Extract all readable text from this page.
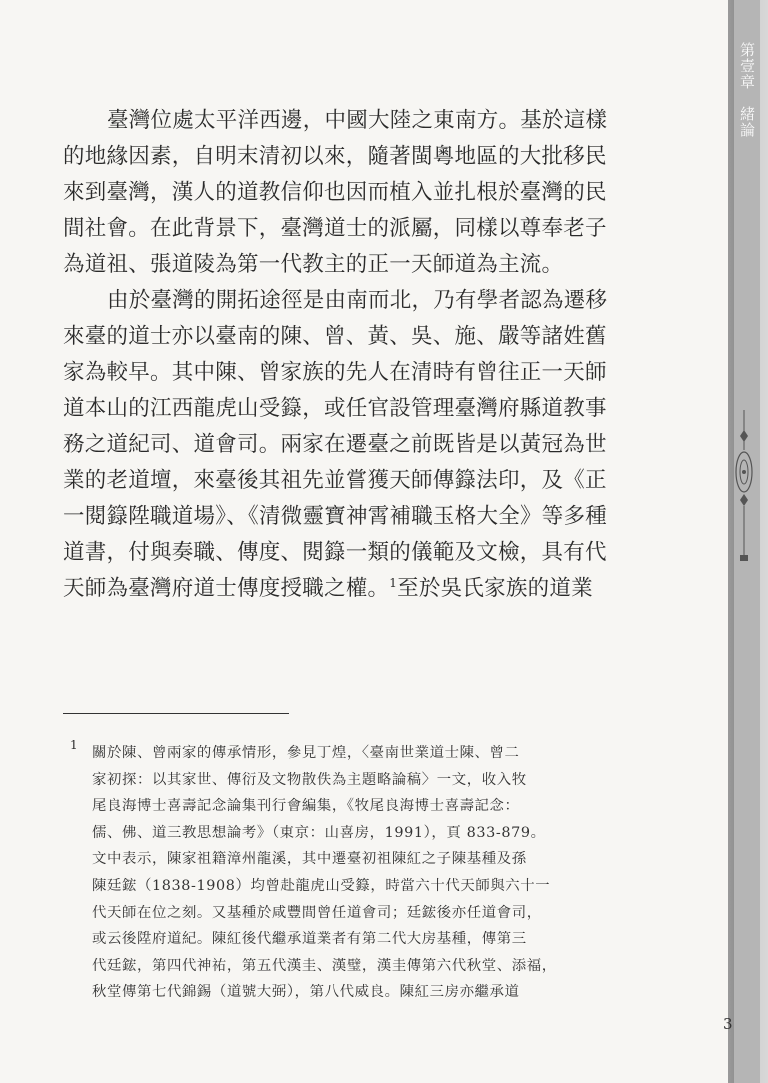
第壹章　緒論
臺灣位處太平洋西邊，中國大陸之東南方。基於這樣
的地緣因素，自明末清初以來，隨著閩粵地區的大批移民
來到臺灣，漢人的道教信仰也因而植入並扎根於臺灣的民
間社會。在此背景下，臺灣道士的派屬，同樣以尊奉老子
為道祖、張道陵為第一代教主的正一天師道為主流。
由於臺灣的開拓途徑是由南而北，乃有學者認為遷移
來臺的道士亦以臺南的陳、曾、黃、吳、施、嚴等諸姓舊
家為較早。其中陳、曾家族的先人在清時有曾往正一天師
道本山的江西龍虎山受籙，或任官設管理臺灣府縣道教事
務之道紀司、道會司。兩家在遷臺之前既皆是以黃冠為世
業的老道壇，來臺後其祖先並嘗獲天師傳籙法印，及《正
一閱籙陞職道場》、《清微靈寶神霄補職玉格大全》等多種
道書，付與奏職、傳度、閱籙一類的儀範及文檢，具有代
天師為臺灣府道士傳度授職之權。$^1$至於吳氏家族的道業
1 關於陳、曾兩家的傳承情形，參見丁煌，〈臺南世業道士陳、曾二
家初探：以其家世、傳衍及文物散佚為主題略論稿〉一文，收入牧
尾良海博士喜壽記念論集刊行會編集，《牧尾良海博士喜壽記念：
儒、佛、道三教思想論考》（東京：山喜房，1991），頁 833-879。
文中表示，陳家祖籍漳州龍溪，其中遷臺初祖陳紅之子陳基種及孫
陳廷鋐（1838-1908）均曾赴龍虎山受籙，時當六十代天師與六十一
代天師在位之刻。又基種於咸豐間曾任道會司；廷鋐後亦任道會司，
或云後陞府道紀。陳紅後代繼承道業者有第二代大房基種，傳第三
代廷鋐，第四代神祐，第五代漢圭、漢璧，漢圭傳第六代秋堂、添福，
秋堂傳第七代錦錫（道號大弼），第八代威良。陳紅三房亦繼承道
3
